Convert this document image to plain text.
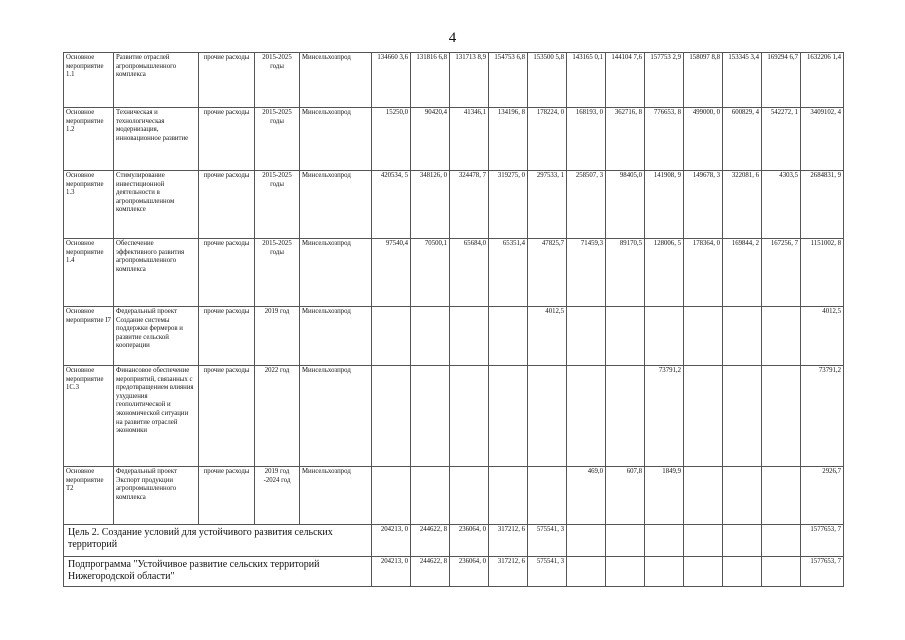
4
Основное мероприятие 1.1	Развитие отраслей агропромышленного комплекса	прочие расходы	2015-2025 годы	Минсельхозпрод	134660 3,6	131816 6,8	131713 8,9	154753 6,8	153500 5,8	143165 0,1	144104 7,6	157753 2,9	158097 8,8	153345 3,4	169294 6,7	1632206 1,4
Основное мероприятие 1.2	Техническая и технологическая модернизация, инновационное развитие	прочие расходы	2015-2025 годы	Минсельхозпрод	15250,0	90420,4	41346,1	134196, 8	178224, 0	168193, 0	362716, 8	776653, 8	499000, 0	600829, 4	542272, 1	3409102, 4
Основное мероприятие 1.3	Стимулирование инвестиционной деятельности в агропромышленном комплексе	прочие расходы	2015-2025 годы	Минсельхозпрод	420534, 5	348126, 0	324478, 7	319275, 0	297533, 1	258507, 3	98405,0	141908, 9	149678, 3	322081, 6	4303,5	2684831, 9
Основное мероприятие 1.4	Обеспечение эффективного развития агропромышленного комплекса	прочие расходы	2015-2025 годы	Минсельхозпрод	97540,4	70500,1	65684,0	65351,4	47825,7	71459,3	89170,5	128006, 5	178364, 0	169844, 2	167256, 7	1151002, 8
Основное мероприятие I7	Федеральный проект Создание системы поддержки фермеров и развитие сельской кооперации	прочие расходы	2019 год	Минсельхозпрод					4012,5							4012,5
Основное мероприятие 1С.3	Финансовое обеспечение мероприятий, связанных с предотвращением влияния ухудшения геополитической и экономической ситуации на развитие отраслей экономики	прочие расходы	2022 год	Минсельхозпрод								73791,2				73791,2
Основное мероприятие T2	Федеральный проект Экспорт продукции агропромышленного комплекса	прочие расходы	2019 год -2024 год	Минсельхозпрод						469,0	607,8	1849,9				2926,7
Цель 2. Создание условий для устойчивого развития сельских территорий					204213, 0	244622, 8	236064, 0	317212, 6	575541, 3							1577653, 7
Подпрограмма "Устойчивое развитие сельских территорий Нижегородской области"					204213, 0	244622, 8	236064, 0	317212, 6	575541, 3							1577653, 7
